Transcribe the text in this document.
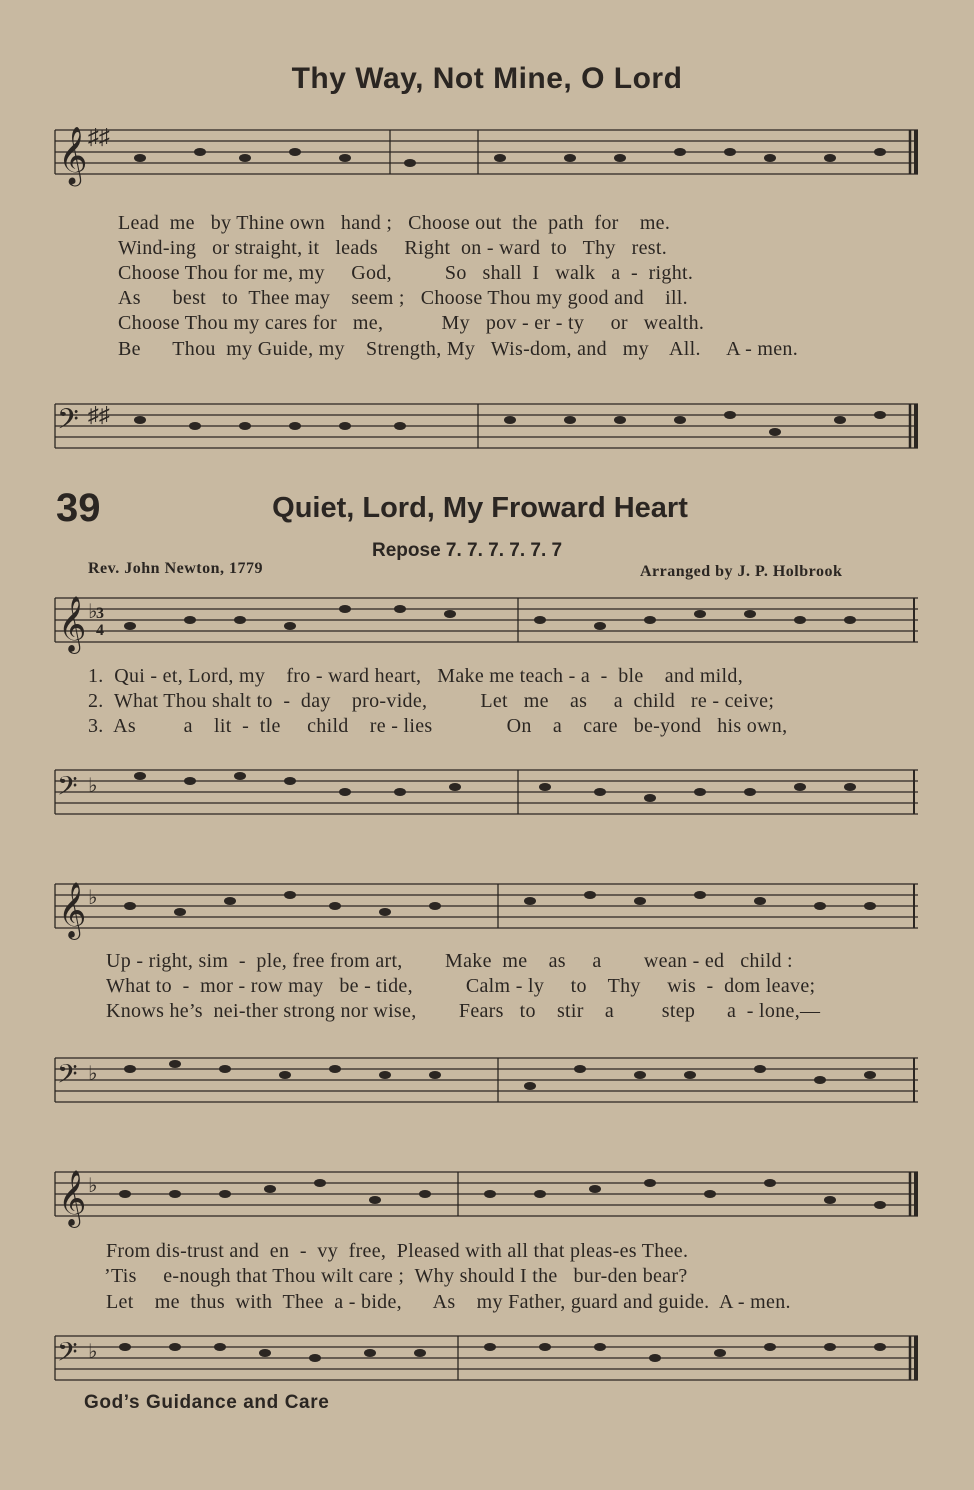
Thy Way, Not Mine, O Lord
𝄞 ♯♯
Lead  me   by Thine own   hand ;   Choose out  the  path  for    me.
Wind-ing   or straight, it   leads     Right  on - ward  to   Thy   rest.
Choose Thou for me, my     God,          So   shall  I   walk   a  -  right.
As      best   to  Thee may    seem ;   Choose Thou my good and    ill.
Choose Thou my cares for   me,           My   pov - er - ty     or   wealth.
Be      Thou  my Guide, my    Strength, My   Wis-dom, and   my    All.     A - men.
𝄢 ♯♯
39	Quiet, Lord, My Froward Heart
Repose 7. 7. 7. 7. 7. 7
Rev. John Newton, 1779	Arranged by J. P. Holbrook
𝄞 ♭
3
4
1.  Qui - et, Lord, my    fro - ward heart,   Make me teach - a  -  ble    and mild,
2.  What Thou shalt to  -  day    pro-vide,          Let   me    as     a  child   re - ceive;
3.  As         a    lit  -  tle     child    re - lies              On    a    care   be-yond   his own,
𝄢 ♭
𝄞 ♭
Up - right, sim  -  ple, free from art,        Make  me    as     a        wean - ed   child :
What to  -  mor - row may   be - tide,          Calm - ly     to    Thy     wis  -  dom leave;
Knows he’s  nei-ther strong nor wise,        Fears   to    stir    a         step      a  - lone,—
𝄢 ♭
𝄞 ♭
From dis-trust and  en  -  vy  free,  Pleased with all that pleas-es Thee.
’Tis     e-nough that Thou wilt care ;  Why should I the   bur-den bear?
Let    me  thus  with  Thee  a - bide,      As    my Father, guard and guide.  A - men.
𝄢 ♭
God’s Guidance and Care
